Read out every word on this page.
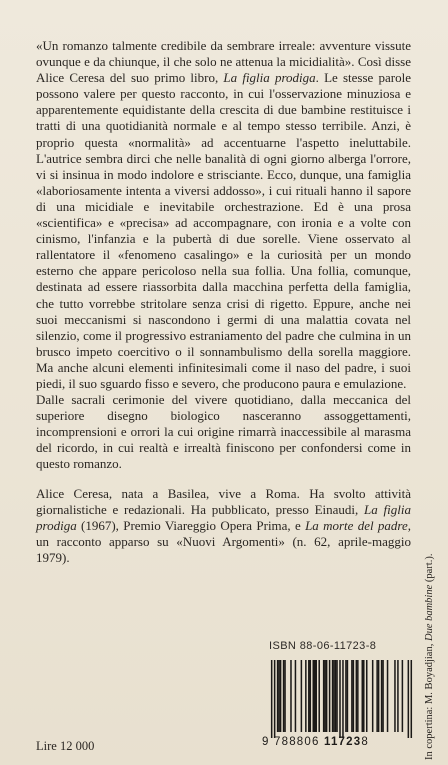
«Un romanzo talmente credibile da sembrare irreale: avventure vissute ovunque e da chiunque, il che solo ne attenua la micidialità». Così disse Alice Ceresa del suo primo libro, La figlia prodiga. Le stesse parole possono valere per questo racconto, in cui l'osservazione minuziosa e apparentemente equidistante della crescita di due bambine restituisce i tratti di una quotidianità normale e al tempo stesso terribile. Anzi, è proprio questa «normalità» ad accentuarne l'aspetto ineluttabile. L'autrice sembra dirci che nelle banalità di ogni giorno alberga l'orrore, vi si insinua in modo indolore e strisciante. Ecco, dunque, una famiglia «laboriosamente intenta a viversi addosso», i cui rituali hanno il sapore di una micidiale e inevitabile orchestrazione. Ed è una prosa «scientifica» e «precisa» ad accompagnare, con ironia e a volte con cinismo, l'infanzia e la pubertà di due sorelle. Viene osservato al rallentatore il «fenomeno casalingo» e la curiosità per un mondo esterno che appare pericoloso nella sua follia. Una follia, comunque, destinata ad essere riassorbita dalla macchina perfetta della famiglia, che tutto vorrebbe stritolare senza crisi di rigetto. Eppure, anche nei suoi meccanismi si nascondono i germi di una malattia covata nel silenzio, come il progressivo estraniamento del padre che culmina in un brusco impeto coercitivo o il sonnambulismo della sorella maggiore. Ma anche alcuni elementi infinitesimali come il naso del padre, i suoi piedi, il suo sguardo fisso e severo, che producono paura e emulazione.

Dalle sacrali cerimonie del vivere quotidiano, dalla meccanica del superiore disegno biologico nasceranno assoggettamenti, incomprensioni e orrori la cui origine rimarrà inaccessibile al marasma del ricordo, in cui realtà e irrealtà finiscono per confondersi come in questo romanzo.

Alice Ceresa, nata a Basilea, vive a Roma. Ha svolto attività giornalistiche e redazionali. Ha pubblicato, presso Einaudi, La figlia prodiga (1967), Premio Viareggio Opera Prima, e La morte del padre, un racconto apparso su «Nuovi Argomenti» (n. 62, aprile-maggio 1979).
ISBN 88-06-11723-8
9 788806 117238
Lire 12 000	In copertina: M. Boyadjian, Due bambine (part.).
